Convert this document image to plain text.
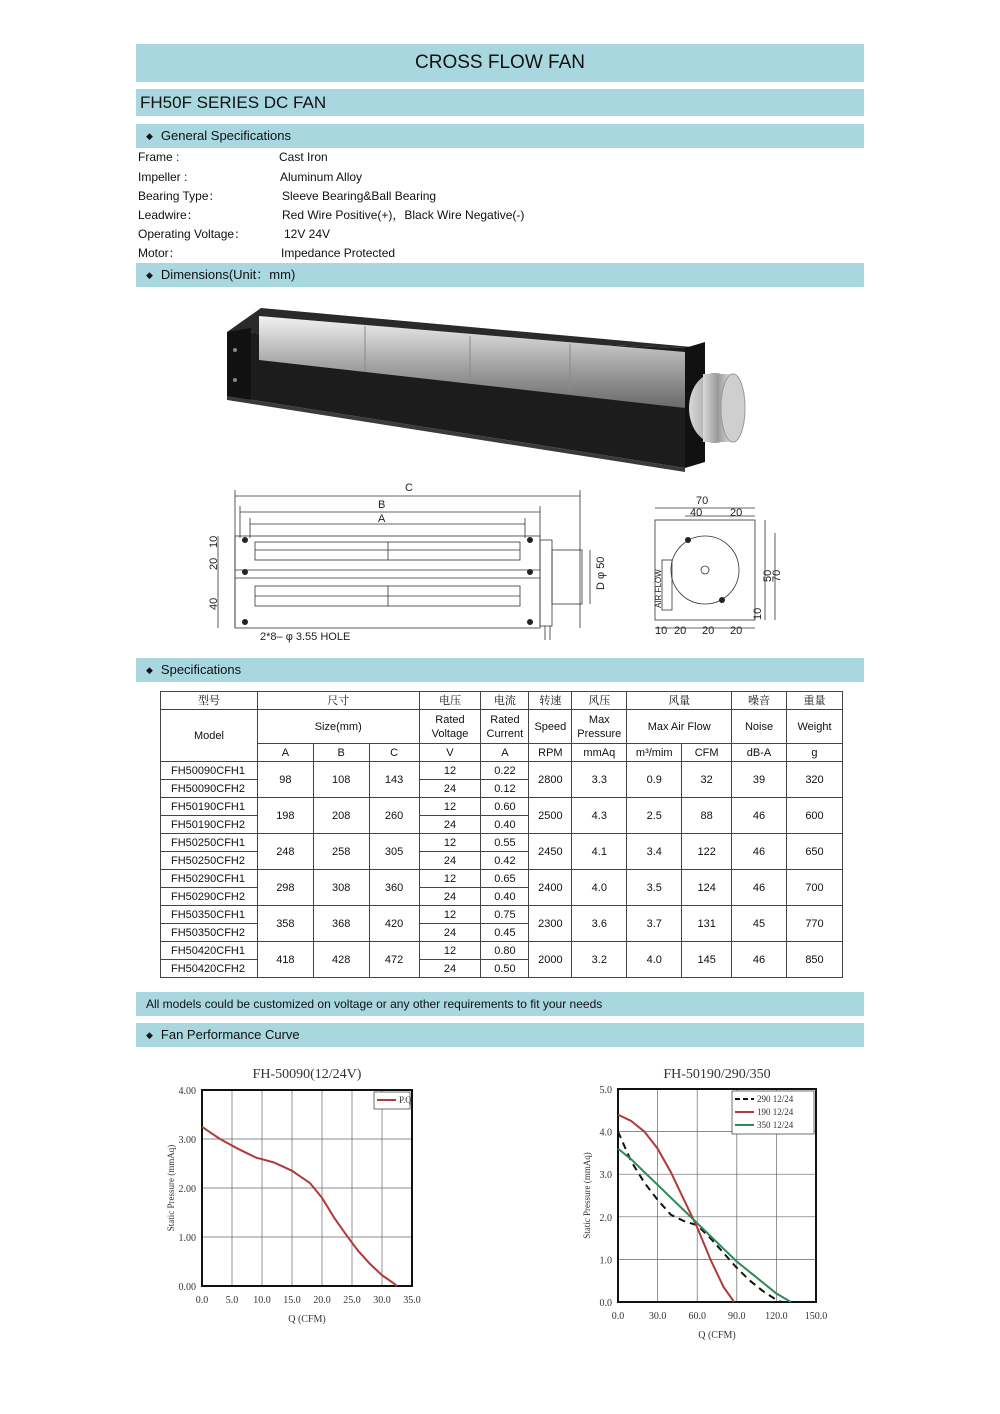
CROSS FLOW FAN
FH50F SERIES DC FAN
◆ General Specifications
Frame :	Cast Iron
Impeller :	Aluminum Alloy
Bearing Type：	Sleeve Bearing&Ball Bearing
Leadwire：	Red Wire Positive(+)，Black Wire Negative(-)
Operating Voltage：	12V 24V
Motor：	Impedance Protected
◆ Dimensions(Unit：mm)
C
B
A
2*8– φ 3.55 HOLE
D φ 50	AIR FLOW
10
20
40
70
40	20
50
70
10
10 20 20 20
◆ Specifications
型号	尺寸			电压	电流	转速	风压	风量		噪音	重量
Model	Size(mm)			Rated Voltage	Rated Current	Speed	Max Pressure	Max Air Flow		Noise	Weight
	A	B	C	V	A	RPM	mmAq	m³/mim	CFM	dB-A	g
FH50090CFH1	98	108	143	12	0.22	2800	3.3	0.9	32	39	320
FH50090CFH2				24	0.12						
FH50190CFH1	198	208	260	12	0.60	2500	4.3	2.5	88	46	600
FH50190CFH2				24	0.40						
FH50250CFH1	248	258	305	12	0.55	2450	4.1	3.4	122	46	650
FH50250CFH2				24	0.42						
FH50290CFH1	298	308	360	12	0.65	2400	4.0	3.5	124	46	700
FH50290CFH2				24	0.40						
FH50350CFH1	358	368	420	12	0.75	2300	3.6	3.7	131	45	770
FH50350CFH2				24	0.45						
FH50420CFH1	418	428	472	12	0.80	2000	3.2	4.0	145	46	850
FH50420CFH2				24	0.50						
All models could be customized on voltage or any other requirements to fit your needs
◆ Fan Performance Curve
FH-50090(12/24V)
0.0 5.0 10.0 15.0 20.0 25.0 30.0 35.0
0.00
1.00
2.00
3.00
4.00
Q (CFM)
Static Pressure (mmAq)
P.Q
FH-50190/290/350
0.0 30.0 60.0 90.0 120.0 150.0
0.0
1.0
2.0
3.0
4.0
5.0
Q (CFM)
Static Pressure (mmAq)
290 12/24
190 12/24
350 12/24
